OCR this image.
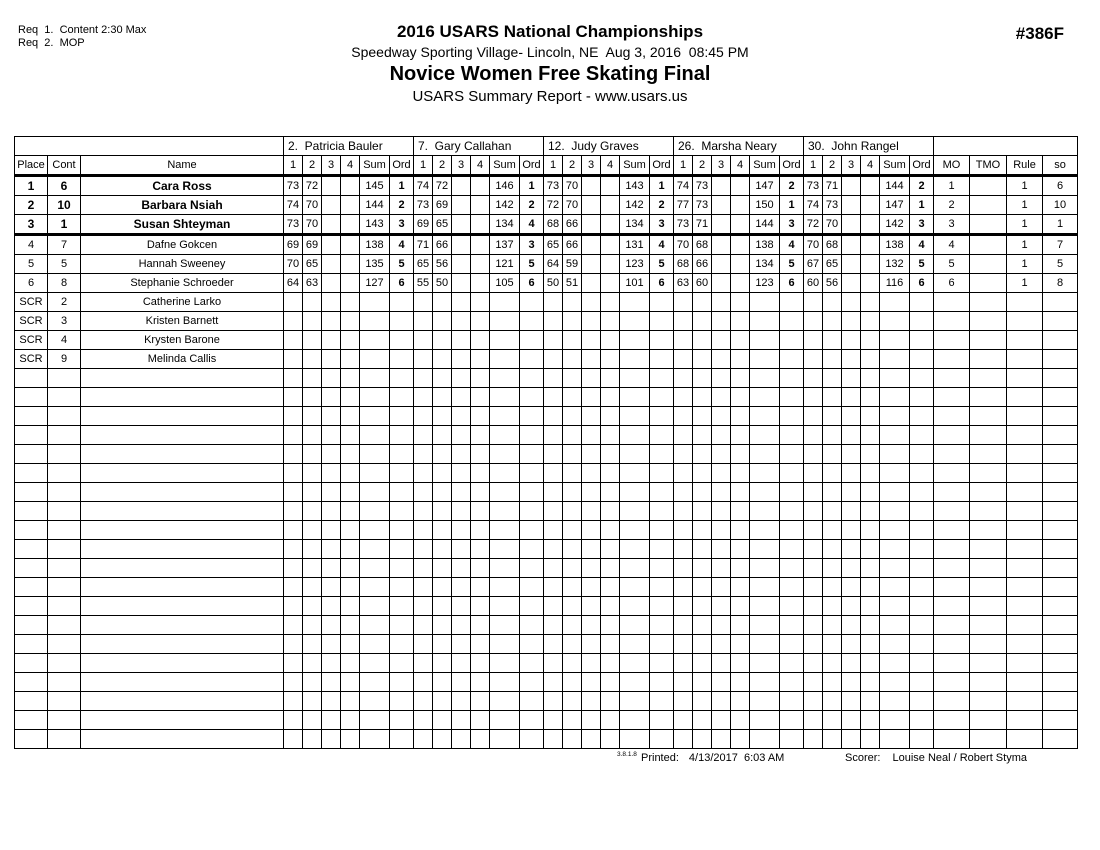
Req  1.  Content 2:30 Max
Req  2.  MOP
2016 USARS National Championships
Speedway Sporting Village- Lincoln, NE  Aug 3, 2016  08:45 PM
Novice Women Free Skating Final
USARS Summary Report - www.usars.us
#386F
			2.  Patricia Bauler						7.  Gary Callahan						12.  Judy Graves						26.  Marsha Neary						30.  John Rangel									
Place	Cont	Name	1	2	3	4	Sum	Ord	1	2	3	4	Sum	Ord	1	2	3	4	Sum	Ord	1	2	3	4	Sum	Ord	1	2	3	4	Sum	Ord	MO	TMO	Rule	so
1	6	Cara Ross	73	72			145	1	74	72			146	1	73	70			143	1	74	73			147	2	73	71			144	2	1		1	6
2	10	Barbara Nsiah	74	70			144	2	73	69			142	2	72	70			142	2	77	73			150	1	74	73			147	1	2		1	10
3	1	Susan Shteyman	73	70			143	3	69	65			134	4	68	66			134	3	73	71			144	3	72	70			142	3	3		1	1
4	7	Dafne Gokcen	69	69			138	4	71	66			137	3	65	66			131	4	70	68			138	4	70	68			138	4	4		1	7
5	5	Hannah Sweeney	70	65			135	5	65	56			121	5	64	59			123	5	68	66			134	5	67	65			132	5	5		1	5
6	8	Stephanie Schroeder	64	63			127	6	55	50			105	6	50	51			101	6	63	60			123	6	60	56			116	6	6		1	8
SCR	2	Catherine Larko																																		
SCR	3	Kristen Barnett																																		
SCR	4	Krysten Barone																																		
SCR	9	Melinda Callis																																		

3.8.1.8 Printed: 4/13/2017  6:03 AM	Scorer: Louise Neal / Robert Styma
